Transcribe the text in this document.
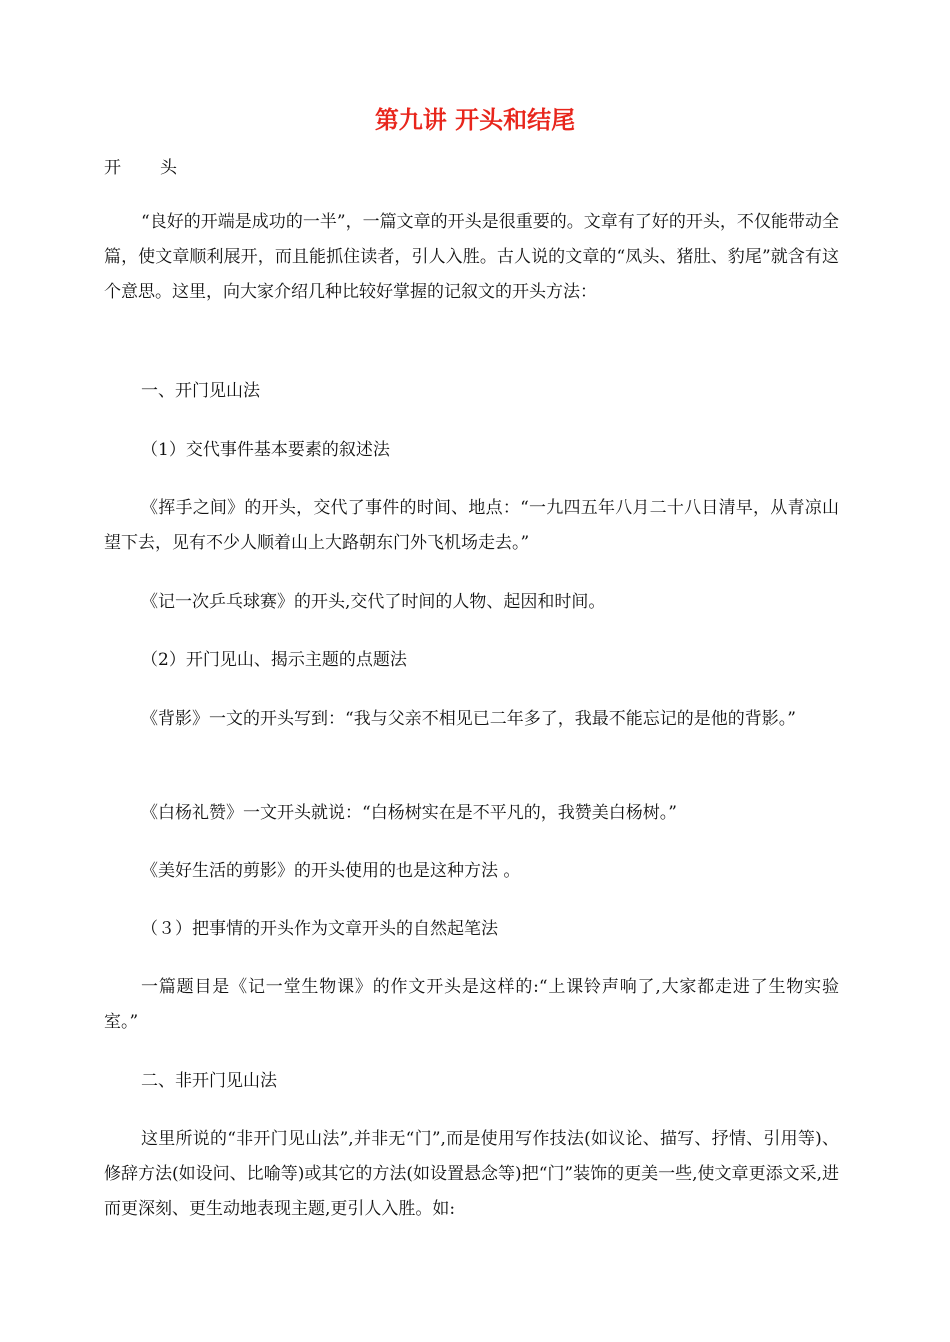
第九讲 开头和结尾
开 头

“良好的开端是成功的一半”，一篇文章的开头是很重要的。文章有了好的开头，不仅能带动全篇，使文章顺利展开，而且能抓住读者，引人入胜。古人说的文章的“凤头、猪肚、豹尾”就含有这个意思。这里，向大家介绍几种比较好掌握的记叙文的开头方法：

一、开门见山法

（1）交代事件基本要素的叙述法

《挥手之间》的开头，交代了事件的时间、地点：“一九四五年八月二十八日清早，从青凉山望下去，见有不少人顺着山上大路朝东门外飞机场走去。”

《记一次乒乓球赛》的开头,交代了时间的人物、起因和时间。

（2）开门见山、揭示主题的点题法

《背影》一文的开头写到：“我与父亲不相见已二年多了，我最不能忘记的是他的背影。”

《白杨礼赞》一文开头就说：“白杨树实在是不平凡的，我赞美白杨树。”

《美好生活的剪影》的开头使用的也是这种方法 。

（３）把事情的开头作为文章开头的自然起笔法

一篇题目是《记一堂生物课》的作文开头是这样的:“上课铃声响了,大家都走进了生物实验室。”

二、非开门见山法

这里所说的“非开门见山法”,并非无“门”,而是使用写作技法(如议论、描写、抒情、引用等)、修辞方法(如设问、比喻等)或其它的方法(如设置悬念等)把“门”装饰的更美一些,使文章更添文采,进而更深刻、更生动地表现主题,更引人入胜。如:
